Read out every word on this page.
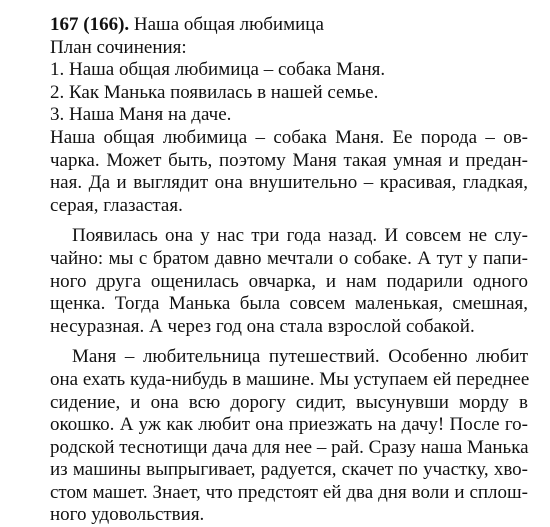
167 (166). Наша общая любимица
План сочинения:
1. Наша общая любимица – собака Маня.
2. Как Манька появилась в нашей семье.
3. Наша Маня на даче.
Наша общая любимица – собака Маня. Ее порода – ов-
чарка. Может быть, поэтому Маня такая умная и предан-
ная. Да и выглядит она внушительно – красивая, гладкая,
серая, глазастая.
Появилась она у нас три года назад. И совсем не слу-
чайно: мы с братом давно мечтали о собаке. А тут у папи-
ного друга ощенилась овчарка, и нам подарили одного
щенка. Тогда Манька была совсем маленькая, смешная,
несуразная. А через год она стала взрослой собакой.
Маня – любительница путешествий. Особенно любит
она ехать куда-нибудь в машине. Мы уступаем ей переднее
сидение, и она всю дорогу сидит, высунувши морду в
окошко. А уж как любит она приезжать на дачу! После го-
родской теснотищи дача для нее – рай. Сразу наша Манька
из машины выпрыгивает, радуется, скачет по участку, хво-
стом машет. Знает, что предстоят ей два дня воли и сплош-
ного удовольствия.
